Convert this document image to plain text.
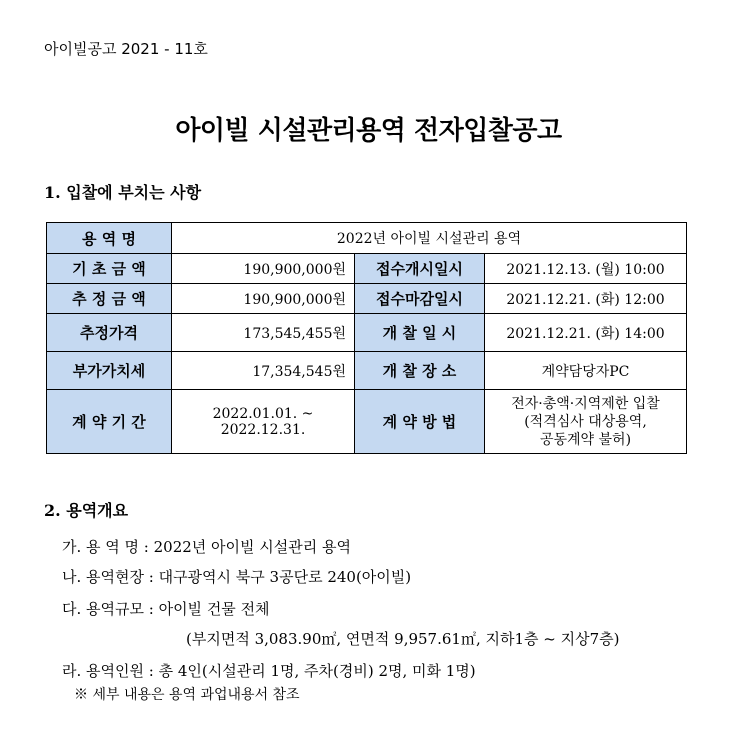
아이빌공고 2021 - 11호
아이빌 시설관리용역 전자입찰공고
1. 입찰에 부치는 사항
용 역 명	2022년 아이빌 시설관리 용역		
기 초 금 액	190,900,000원	접수개시일시	2021.12.13. (월) 10:00
추 정 금 액	190,900,000원	접수마감일시	2021.12.21. (화) 12:00
추정가격	173,545,455원	개 찰 일 시	2021.12.21. (화) 14:00
부가가치세	17,354,545원	개 찰 장 소	계약담당자PC
계 약 기 간	2022.01.01. ~ 2022.12.31.	계 약 방 법	전자·총액·지역제한 입찰
(적격심사 대상용역,
공동계약 불허)
2. 용역개요
가. 용 역 명 : 2022년 아이빌 시설관리 용역
나. 용역현장 : 대구광역시 북구 3공단로 240(아이빌)
다. 용역규모 : 아이빌 건물 전체
(부지면적 3,083.90㎡, 연면적 9,957.61㎡, 지하1층 ~ 지상7층)
라. 용역인원 : 총 4인(시설관리 1명, 주차(경비) 2명, 미화 1명)
※ 세부 내용은 용역 과업내용서 참조
